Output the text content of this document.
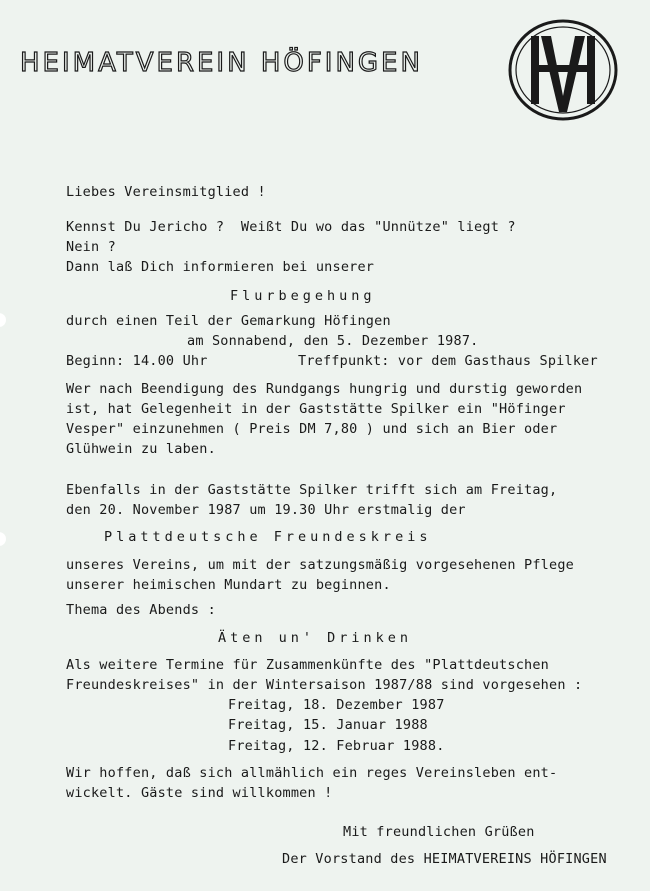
HEIMATVEREIN HÖFINGEN
Liebes Vereinsmitglied !
Kennst Du Jericho ?  Weißt Du wo das "Unnütze" liegt ?
Nein ?
Dann laß Dich informieren bei unserer
Flurbegehung
durch einen Teil der Gemarkung Höfingen
am Sonnabend, den 5. Dezember 1987.
Beginn: 14.00 Uhr	Treffpunkt: vor dem Gasthaus Spilker
Wer nach Beendigung des Rundgangs hungrig und durstig geworden
ist, hat Gelegenheit in der Gaststätte Spilker ein "Höfinger
Vesper" einzunehmen ( Preis DM 7,80 ) und sich an Bier oder
Glühwein zu laben.
Ebenfalls in der Gaststätte Spilker trifft sich am Freitag,
den 20. November 1987 um 19.30 Uhr erstmalig der
Plattdeutsche Freundeskreis
unseres Vereins, um mit der satzungsmäßig vorgesehenen Pflege
unserer heimischen Mundart zu beginnen.
Thema des Abends :
Äten un' Drinken
Als weitere Termine für Zusammenkünfte des "Plattdeutschen
Freundeskreises" in der Wintersaison 1987/88 sind vorgesehen :
Freitag, 18. Dezember 1987
Freitag, 15. Januar 1988
Freitag, 12. Februar 1988.
Wir hoffen, daß sich allmählich ein reges Vereinsleben ent-
wickelt. Gäste sind willkommen !
Mit freundlichen Grüßen
Der Vorstand des HEIMATVEREINS HÖFINGEN
